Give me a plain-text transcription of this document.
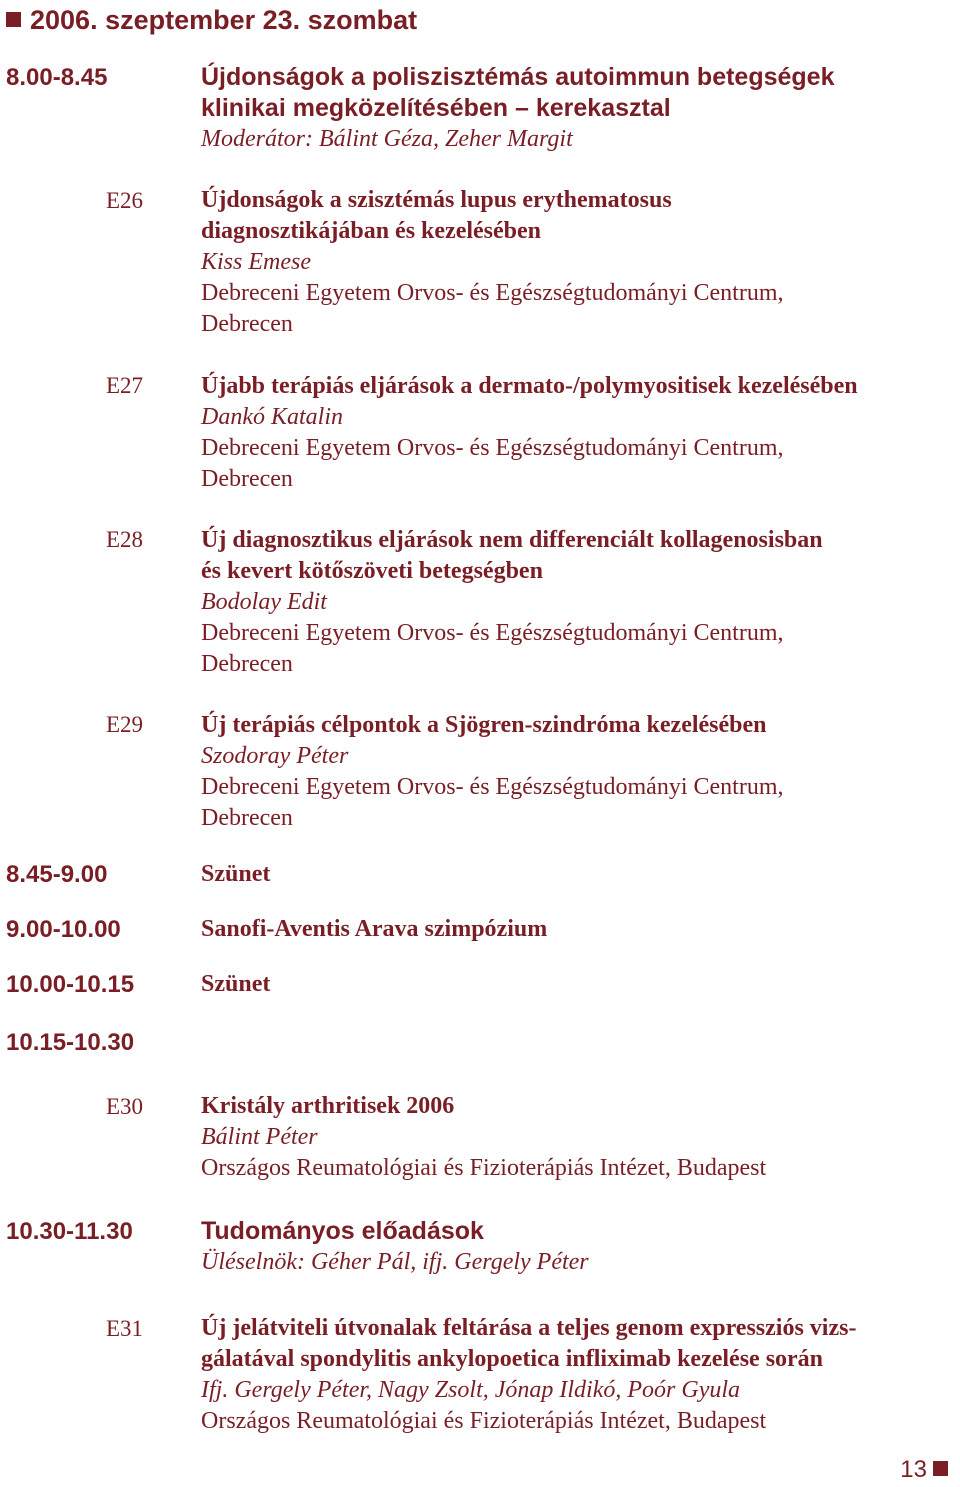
2006. szeptember 23. szombat
8.00-8.45	Újdonságok a poliszisztémás autoimmun betegségek
klinikai megközelítésében – kerekasztal
Moderátor: Bálint Géza, Zeher Margit
E26 Újdonságok a szisztémás lupus erythematosus
diagnosztikájában és kezelésében
Kiss Emese
Debreceni Egyetem Orvos- és Egészségtudományi Centrum,
Debrecen
E27 Újabb terápiás eljárások a dermato-/polymyositisek kezelésében
Dankó Katalin
Debreceni Egyetem Orvos- és Egészségtudományi Centrum,
Debrecen
E28 Új diagnosztikus eljárások nem differenciált kollagenosisban
és kevert kötőszöveti betegségben
Bodolay Edit
Debreceni Egyetem Orvos- és Egészségtudományi Centrum,
Debrecen
E29 Új terápiás célpontok a Sjögren-szindróma kezelésében
Szodoray Péter
Debreceni Egyetem Orvos- és Egészségtudományi Centrum,
Debrecen
8.45-9.00	Szünet
9.00-10.00	Sanofi-Aventis Arava szimpózium
10.00-10.15	Szünet
10.15-10.30
E30 Kristály arthritisek 2006
Bálint Péter
Országos Reumatológiai és Fizioterápiás Intézet, Budapest
10.30-11.30	Tudományos előadások
Üléselnök: Géher Pál, ifj. Gergely Péter
E31 Új jelátviteli útvonalak feltárása a teljes genom expressziós vizs-
gálatával spondylitis ankylopoetica infliximab kezelése során
Ifj. Gergely Péter, Nagy Zsolt, Jónap Ildikó, Poór Gyula
Országos Reumatológiai és Fizioterápiás Intézet, Budapest
13
